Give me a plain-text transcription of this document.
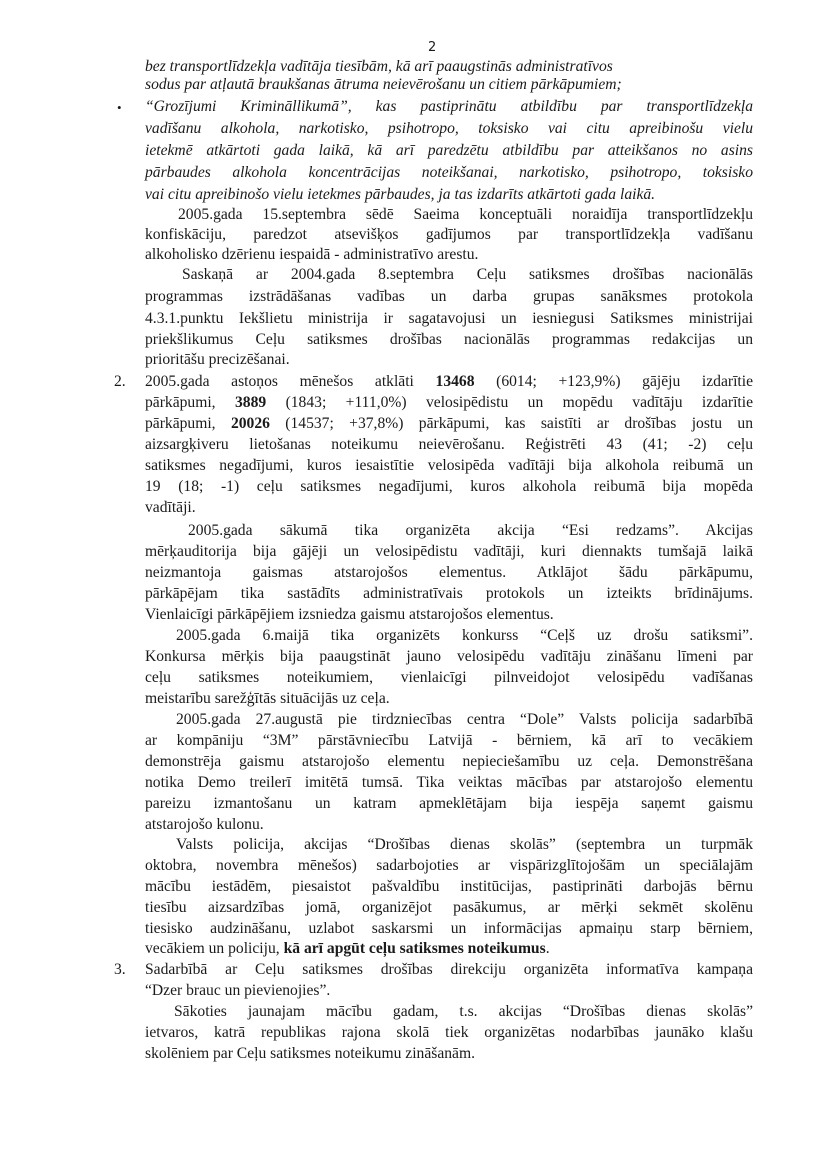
2
bez transportlīdzekļa vadītāja tiesībām, kā arī paaugstinās administratīvos
sodus par atļautā braukšanas ātruma neievērošanu un citiem pārkāpumiem;
• “Grozījumi Krimināllikumā”, kas pastiprinātu atbildību par transportlīdzekļa
vadīšanu alkohola, narkotisko, psihotropo, toksisko vai citu apreibinošu vielu
ietekmē atkārtoti gada laikā, kā arī paredzētu atbildību par atteikšanos no asins
pārbaudes alkohola koncentrācijas noteikšanai, narkotisko, psihotropo, toksisko
vai citu apreibinošo vielu ietekmes pārbaudes, ja tas izdarīts atkārtoti gada laikā.
2005.gada 15.septembra sēdē Saeima konceptuāli noraidīja transportlīdzekļu
konfiskāciju, paredzot atsevišķos gadījumos par transportlīdzekļa vadīšanu
alkoholisko dzērienu iespaidā - administratīvo arestu.
Saskaņā ar 2004.gada 8.septembra Ceļu satiksmes drošības nacionālās
programmas izstrādāšanas vadības un darba grupas sanāksmes protokola
4.3.1.punktu Iekšlietu ministrija ir sagatavojusi un iesniegusi Satiksmes ministrijai
priekšlikumus Ceļu satiksmes drošības nacionālās programmas redakcijas un
prioritāšu precizēšanai.
2. 2005.gada astoņos mēnešos atklāti 13468 (6014; +123,9%) gājēju izdarītie
pārkāpumi, 3889 (1843; +111,0%) velosipēdistu un mopēdu vadītāju izdarītie
pārkāpumi, 20026 (14537; +37,8%) pārkāpumi, kas saistīti ar drošības jostu un
aizsargķiveru lietošanas noteikumu neievērošanu. Reģistrēti 43 (41; -2) ceļu
satiksmes negadījumi, kuros iesaistītie velosipēda vadītāji bija alkohola reibumā un
19 (18; -1) ceļu satiksmes negadījumi, kuros alkohola reibumā bija mopēda
vadītāji.
2005.gada sākumā tika organizēta akcija “Esi redzams”. Akcijas
mērķauditorija bija gājēji un velosipēdistu vadītāji, kuri diennakts tumšajā laikā
neizmantoja gaismas atstarojošos elementus. Atklājot šādu pārkāpumu,
pārkāpējam tika sastādīts administratīvais protokols un izteikts brīdinājums.
Vienlaicīgi pārkāpējiem izsniedza gaismu atstarojošos elementus.
2005.gada 6.maijā tika organizēts konkurss “Ceļš uz drošu satiksmi”.
Konkursa mērķis bija paaugstināt jauno velosipēdu vadītāju zināšanu līmeni par
ceļu satiksmes noteikumiem, vienlaicīgi pilnveidojot velosipēdu vadīšanas
meistarību sarežģītās situācijās uz ceļa.
2005.gada 27.augustā pie tirdzniecības centra “Dole” Valsts policija sadarbībā
ar kompāniju “3M” pārstāvniecību Latvijā - bērniem, kā arī to vecākiem
demonstrēja gaismu atstarojošo elementu nepieciešamību uz ceļa. Demonstrēšana
notika Demo treilerī imitētā tumsā. Tika veiktas mācības par atstarojošo elementu
pareizu izmantošanu un katram apmeklētājam bija iespēja saņemt gaismu
atstarojošo kulonu.
Valsts policija, akcijas “Drošības dienas skolās” (septembra un turpmāk
oktobra, novembra mēnešos) sadarbojoties ar vispārizglītojošām un speciālajām
mācību iestādēm, piesaistot pašvaldību institūcijas, pastiprināti darbojās bērnu
tiesību aizsardzības jomā, organizējot pasākumus, ar mērķi sekmēt skolēnu
tiesisko audzināšanu, uzlabot saskarsmi un informācijas apmaiņu starp bērniem,
vecākiem un policiju, kā arī apgūt ceļu satiksmes noteikumus.
3. Sadarbībā ar Ceļu satiksmes drošības direkciju organizēta informatīva kampaņa
“Dzer brauc un pievienojies”.
Sākoties jaunajam mācību gadam, t.s. akcijas “Drošības dienas skolās”
ietvaros, katrā republikas rajona skolā tiek organizētas nodarbības jaunāko klašu
skolēniem par Ceļu satiksmes noteikumu zināšanām.
